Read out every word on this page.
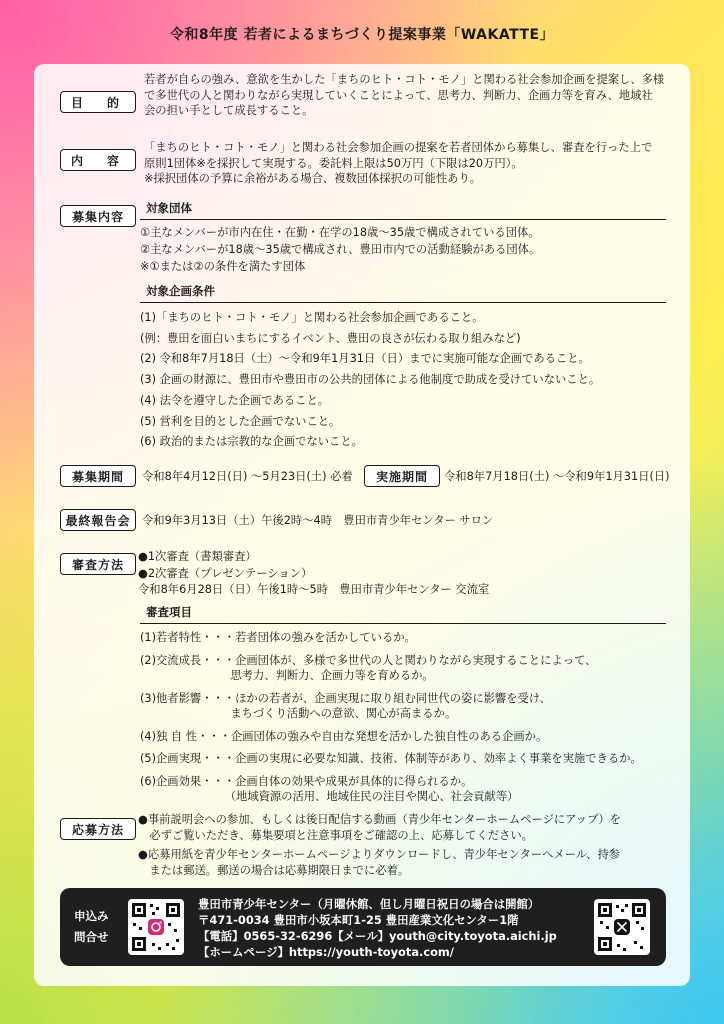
令和8年度 若者によるまちづくり提案事業「WAKATTE」
目　的
若者が自らの強み、意欲を生かした「まちのヒト・コト・モノ」と関わる社会参加企画を提案し、多様
で多世代の人と関わりながら実現していくことによって、思考力、判断力、企画力等を育み、地域社
会の担い手として成長すること。
内　容
「まちのヒト・コト・モノ」と関わる社会参加企画の提案を若者団体から募集し、審査を行った上で
原則1団体※を採択して実現する。委託料上限は50万円（下限は20万円）。
※採択団体の予算に余裕がある場合、複数団体採択の可能性あり。
募集内容
対象団体
①主なメンバーが市内在住・在勤・在学の18歳～35歳で構成されている団体。
②主なメンバーが18歳～35歳で構成され、豊田市内での活動経験がある団体。
※①または②の条件を満たす団体
対象企画条件
(1)「まちのヒト・コト・モノ」と関わる社会参加企画であること。
(例：豊田を面白いまちにするイベント、豊田の良さが伝わる取り組みなど)
(2) 令和8年7月18日（土）～令和9年1月31日（日）までに実施可能な企画であること。
(3) 企画の財源に、豊田市や豊田市の公共的団体による他制度で助成を受けていないこと。
(4) 法令を遵守した企画であること。
(5) 営利を目的とした企画でないこと。
(6) 政治的または宗教的な企画でないこと。
募集期間	令和8年4月12日(日) ～5月23日(土) 必着	実施期間	令和8年7月18日(土) ～令和9年1月31日(日)
最終報告会	令和9年3月13日（土）午後2時～4時　豊田市青少年センター サロン
審査方法
●1次審査（書類審査）
●2次審査（プレゼンテーション）
令和8年6月28日（日）午後1時～5時　豊田市青少年センター 交流室
審査項目
(1)若者特性・・・若者団体の強みを活かしているか。
(2)交流成長・・・企画団体が、多様で多世代の人と関わりながら実現することによって、
　　　　　　　　思考力、判断力、企画力等を育めるか。
(3)他者影響・・・ほかの若者が、企画実現に取り組む同世代の姿に影響を受け、
　　　　　　　　まちづくり活動への意欲、関心が高まるか。
(4)独 自 性・・・企画団体の強みや自由な発想を活かした独自性のある企画か。
(5)企画実現・・・企画の実現に必要な知識、技術、体制等があり、効率よく事業を実施できるか。
(6)企画効果・・・企画自体の効果や成果が具体的に得られるか。
　　　　　　　　（地域資源の活用、地域住民の注目や関心、社会貢献等）
応募方法
●事前説明会への参加、もしくは後日配信する動画（青少年センターホームページにアップ）を
　必ずご覧いただき、募集要項と注意事項をご確認の上、応募してください。
●応募用紙を青少年センターホームページよりダウンロードし、青少年センターへメール、持参
　または郵送。郵送の場合は応募期限日までに必着。
申込み
問合せ
豊田市青少年センター（月曜休館、但し月曜日祝日の場合は開館）
〒471-0034 豊田市小坂本町1-25 豊田産業文化センター1階
【電話】0565-32-6296【メール】youth@city.toyota.aichi.jp
【ホームページ】https://youth-toyota.com/
